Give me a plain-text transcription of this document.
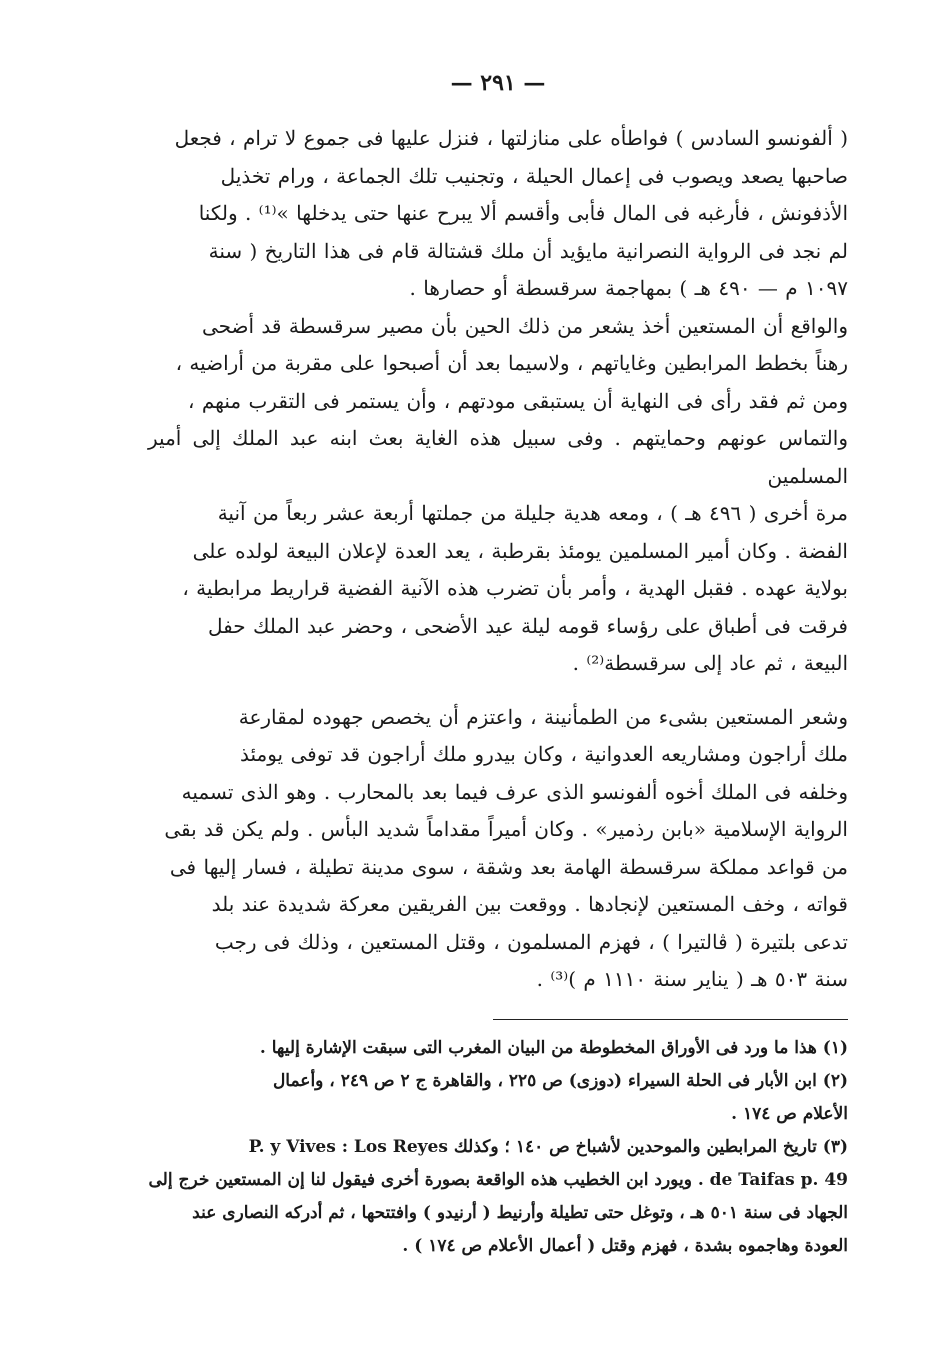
— ٢٩١ —
( ألفونسو السادس ) فواطأه على منازلتها ، فنزل عليها فى جموع لا ترام ، فجعل
صاحبها يصعد ويصوب فى إعمال الحيلة ، وتجنيب تلك الجماعة ، ورام تخذيل
الأذفونش ، فأرغبه فى المال فأبى وأقسم ألا يبرح عنها حتى يدخلها »⁽¹⁾ . ولكنا
لم نجد فى الرواية النصرانية مايؤيد أن ملك قشتالة قام فى هذا التاريخ ( سنة
١٠٩٧ م — ٤٩٠ هـ ) بمهاجمة سرقسطة أو حصارها .
والواقع أن المستعين أخذ يشعر من ذلك الحين بأن مصير سرقسطة قد أضحى
رهناً بخطط المرابطين وغاياتهم ، ولاسيما بعد أن أصبحوا على مقربة من أراضيه ،
ومن ثم فقد رأى فى النهاية أن يستبقى مودتهم ، وأن يستمر فى التقرب منهم ،
والتماس عونهم وحمايتهم . وفى سبيل هذه الغاية بعث ابنه عبد الملك إلى أمير المسلمين
مرة أخرى ( ٤٩٦ هـ ) ، ومعه هدية جليلة من جملتها أربعة عشر ربعاً من آنية
الفضة . وكان أمير المسلمين يومئذ بقرطبة ، يعد العدة لإعلان البيعة لولده على
بولاية عهده . فقبل الهدية ، وأمر بأن تضرب هذه الآنية الفضية قراريط مرابطية ،
فرقت فى أطباق على رؤساء قومه ليلة عيد الأضحى ، وحضر عبد الملك حفل
البيعة ، ثم عاد إلى سرقسطة⁽²⁾ .
وشعر المستعين بشىء من الطمأنينة ، واعتزم أن يخصص جهوده لمقارعة
ملك أراجون ومشاريعه العدوانية ، وكان بيدرو ملك أراجون قد توفى يومئذ
وخلفه فى الملك أخوه ألفونسو الذى عرف فيما بعد بالمحارب . وهو الذى تسميه
الرواية الإسلامية «بابن رذمير» . وكان أميراً مقداماً شديد البأس . ولم يكن قد بقى
من قواعد مملكة سرقسطة الهامة بعد وشقة ، سوى مدينة تطيلة ، فسار إليها فى
قواته ، وخف المستعين لإنجادها . ووقعت بين الفريقين معركة شديدة عند بلد
تدعى بلتيرة ( ڤالتيرا ) ، فهزم المسلمون ، وقتل المستعين ، وذلك فى رجب
سنة ٥٠٣ هـ ( يناير سنة ١١١٠ م )⁽³⁾ .
(١) هذا ما ورد فى الأوراق المخطوطة من البيان المغرب التى سبقت الإشارة إليها .
(٢) ابن الأبار فى الحلة السيراء (دوزى) ص ٢٢٥ ، والقاهرة ج ٢ ص ٢٤٩ ، وأعمال
الأعلام ص ١٧٤ .
(٣) تاريخ المرابطين والموحدين لأشباخ ص ١٤٠ ؛ وكذلك P. y Vives : Los Reyes
de Taifas p. 49 . ويورد ابن الخطيب هذه الواقعة بصورة أخرى فيقول لنا إن المستعين خرج إلى
الجهاد فى سنة ٥٠١ هـ ، وتوغل حتى تطيلة وأرنيط ( أرنيدو ) وافتتحها ، ثم أدركه النصارى عند
العودة وهاجموه بشدة ، فهزم وقتل ( أعمال الأعلام ص ١٧٤ ) .
